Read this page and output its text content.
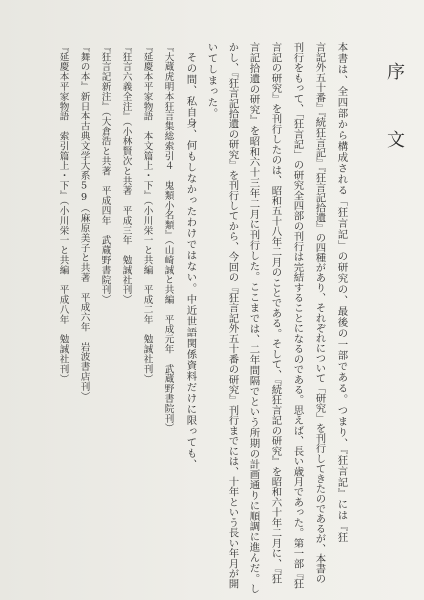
序
文
本書は、全四部から構成される「狂言記」の研究の、最後の一部である。つまり、『狂言記』には『狂
言記外五十番』『続狂言記』『狂言記拾遺』の四種があり、それぞれについて「研究」を刊行してきたのであるが、本書の
刊行をもって、「狂言記」の研究全四部の刊行は完結することになるのである。思えば、長い歳月であった。第一部『狂
言記の研究』を刊行したのは、昭和五十八年二月のことである。そして、『続狂言記の研究』を昭和六十年二月に、『狂
言記拾遺の研究』を昭和六十三年二月に刊行した。ここまでは、二年間隔でという所期の計画通りに順調に進んだ。し
かし、『狂言記拾遺の研究』を刊行してから、今回の『狂言記外五十番の研究』刊行までには、十年という長い年月が開
いてしまった。
その間、私自身、何もしなかったわけではない。中近世語関係資料だけに限っても、
『大蔵虎明本狂言集総索引４　鬼類小名類』（山崎誠と共編　平成元年　武蔵野書院刊）
『延慶本平家物語　本文篇上・下』（小川栄一と共編　平成二年　勉誠社刊）
『狂言六義全注』（小林賢次と共著　平成三年　勉誠社刊）
『狂言記新注』（大倉浩と共著　平成四年　武蔵野書院刊）
『舞の本』新日本古典文学大系59（麻原美子と共著　平成六年　岩波書店刊）
『延慶本平家物語　索引篇上・下』（小川栄一と共編　平成八年　勉誠社刊）
